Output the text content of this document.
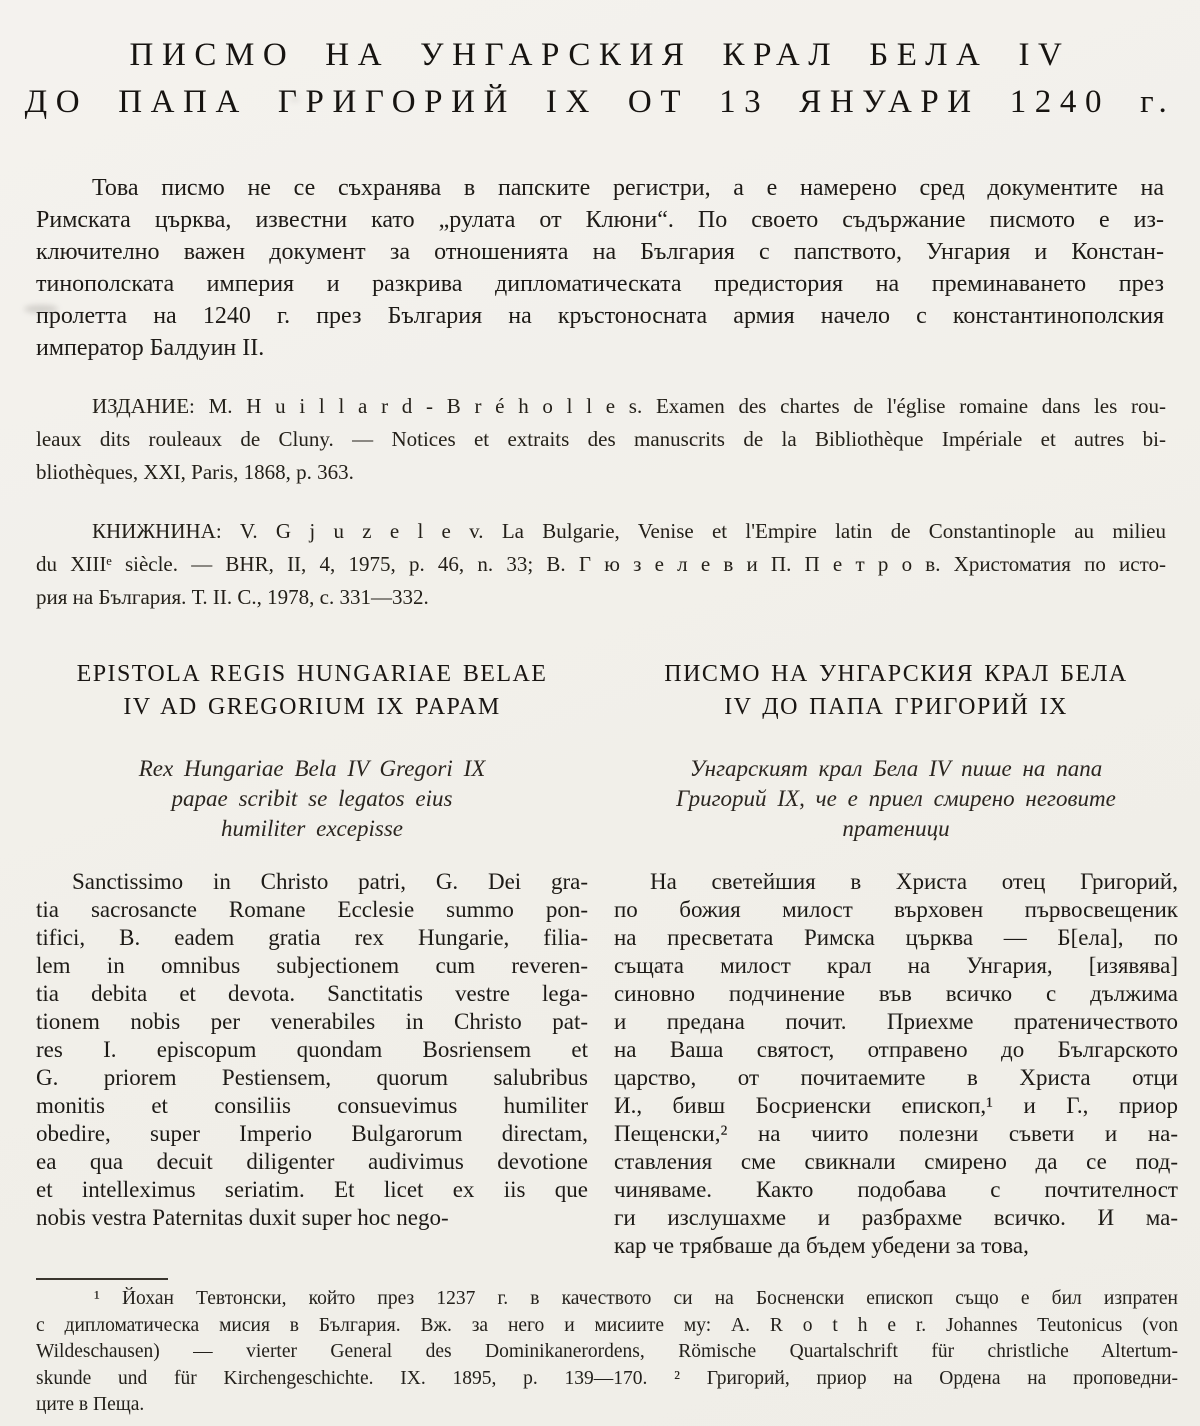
ПИСМО НА УНГАРСКИЯ КРАЛ БЕЛА IV
ДО ПАПА ГРИГОРИЙ IX ОТ 13 ЯНУАРИ 1240 г.
Това писмо не се съхранява в папските регистри, а е намерено сред документите на
Римската църква, известни като „рулата от Клюни“. По своето съдържание писмото е из-
ключително важен документ за отношенията на България с папството, Унгария и Констан-
тинополската империя и разкрива дипломатическата предистория на преминаването през
пролетта на 1240 г. през България на кръстоносната армия начело с константинополския
император Балдуин II.
ИЗДАНИЕ: M. H u i l l a r d - B r é h o l l e s. Examen des chartes de l'église romaine dans les rou-
leaux dits rouleaux de Cluny. — Notices et extraits des manuscrits de la Bibliothèque Impériale et autres bi-
bliothèques, XXI, Paris, 1868, p. 363.
КНИЖНИНА: V. G j u z e l e v. La Bulgarie, Venise et l'Empire latin de Constantinople au milieu
du XIIIᵉ siècle. — BHR, II, 4, 1975, p. 46, n. 33; В. Г ю з е л е в и П. П е т р о в. Христоматия по исто-
рия на България. Т. II. С., 1978, с. 331—332.
EPISTOLA REGIS HUNGARIAE BELAE
IV AD GREGORIUM IX PAPAM
Rex Hungariae Bela IV Gregori IX
papae scribit se legatos eius
humiliter excepisse
Sanctissimo in Christo patri, G. Dei gra-
tia sacrosancte Romane Ecclesie summo pon-
tifici, B. eadem gratia rex Hungarie, filia-
lem in omnibus subjectionem cum reveren-
tia debita et devota. Sanctitatis vestre lega-
tionem nobis per venerabiles in Christo pat-
res I. episcopum quondam Bosriensem et
G. priorem Pestiensem, quorum salubribus
monitis et consiliis consuevimus humiliter
obedire, super Imperio Bulgarorum directam,
ea qua decuit diligenter audivimus devotione
et intelleximus seriatim. Et licet ex iis que
nobis vestra Paternitas duxit super hoc nego-
ПИСМО НА УНГАРСКИЯ КРАЛ БЕЛА
IV ДО ПАПА ГРИГОРИЙ IX
Унгарският крал Бела IV пише на папа
Григорий IX, че е приел смирено неговите
пратеници
На светейшия в Христа отец Григорий,
по божия милост върховен първосвещеник
на пресветата Римска църква — Б[ела], по
същата милост крал на Унгария, [изявява]
синовно подчинение във всичко с дължима
и предана почит. Приехме пратеничеството
на Ваша святост, отправено до Българското
царство, от почитаемите в Христа отци
И., бивш Босриенски епископ,¹ и Г., приор
Пещенски,² на чиито полезни съвети и на-
ставления сме свикнали смирено да се под-
чиняваме. Както подобава с почтителност
ги изслушахме и разбрахме всичко. И ма-
кар че трябваше да бъдем убедени за това,
¹ Йохан Тевтонски, който през 1237 г. в качеството си на Босненски епископ също е бил изпратен
с дипломатическа мисия в България. Вж. за него и мисиите му: A. R o t h e r. Johannes Teutonicus (von
Wildeschausen) — vierter General des Dominikanerordens, Römische Quartalschrift für christliche Altertum-
skunde und für Kirchengeschichte. IX. 1895, p. 139—170. ² Григорий, приор на Ордена на проповедни-
ците в Пеща.
